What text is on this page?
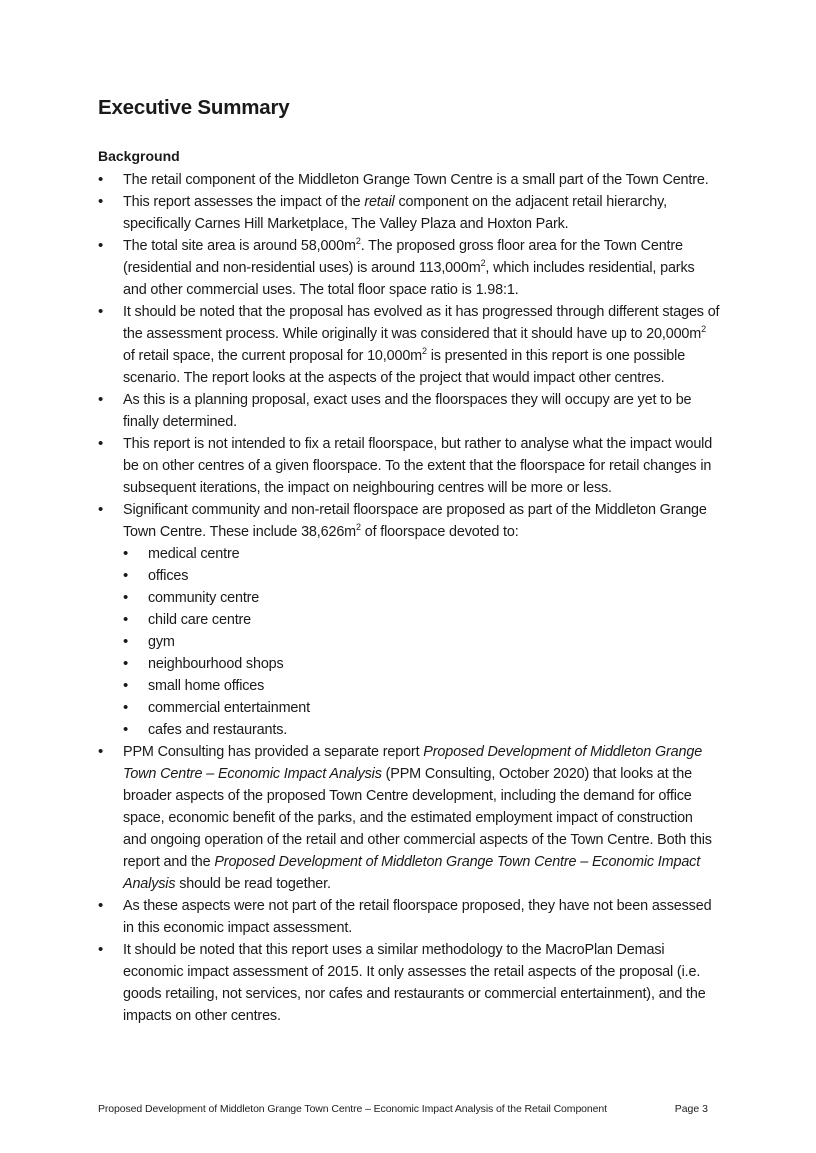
Executive Summary
Background
• The retail component of the Middleton Grange Town Centre is a small part of the Town Centre.
• This report assesses the impact of the retail component on the adjacent retail hierarchy, specifically Carnes Hill Marketplace, The Valley Plaza and Hoxton Park.
• The total site area is around $58,000m^2$. The proposed gross floor area for the Town Centre (residential and non-residential uses) is around $113,000m^2$, which includes residential, parks and other commercial uses. The total floor space ratio is 1.98:1.
• It should be noted that the proposal has evolved as it has progressed through different stages of the assessment process. While originally it was considered that it should have up to $20,000m^2$ of retail space, the current proposal for $10,000m^2$ is presented in this report is one possible scenario. The report looks at the aspects of the project that would impact other centres.
• As this is a planning proposal, exact uses and the floorspaces they will occupy are yet to be finally determined.
• This report is not intended to fix a retail floorspace, but rather to analyse what the impact would be on other centres of a given floorspace. To the extent that the floorspace for retail changes in subsequent iterations, the impact on neighbouring centres will be more or less.
• Significant community and non-retail floorspace are proposed as part of the Middleton Grange Town Centre. These include $38,626m^2$ of floorspace devoted to:
• medical centre
• offices
• community centre
• child care centre
• gym
• neighbourhood shops
• small home offices
• commercial entertainment
• cafes and restaurants.
• PPM Consulting has provided a separate report Proposed Development of Middleton Grange Town Centre – Economic Impact Analysis (PPM Consulting, October 2020) that looks at the broader aspects of the proposed Town Centre development, including the demand for office space, economic benefit of the parks, and the estimated employment impact of construction and ongoing operation of the retail and other commercial aspects of the Town Centre. Both this report and the Proposed Development of Middleton Grange Town Centre – Economic Impact Analysis should be read together.
• As these aspects were not part of the retail floorspace proposed, they have not been assessed in this economic impact assessment.
• It should be noted that this report uses a similar methodology to the MacroPlan Demasi economic impact assessment of 2015. It only assesses the retail aspects of the proposal (i.e. goods retailing, not services, nor cafes and restaurants or commercial entertainment), and the impacts on other centres.
Proposed Development of Middleton Grange Town Centre – Economic Impact Analysis of the Retail Component	Page 3
